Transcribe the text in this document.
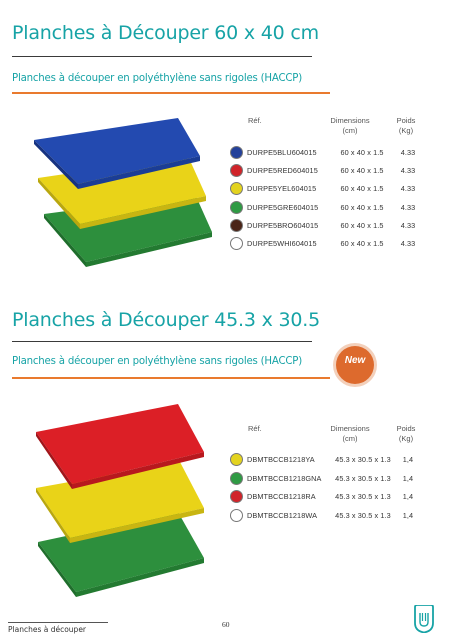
Planches à Découper 60 x 40 cm
Planches à découper en polyéthylène sans rigoles (HACCP)
Réf.	Dimensions
(cm)
Poids
(Kg)
DURPE5BLU604015	60 x 40 x 1.5	4.33
DURPE5RED604015	60 x 40 x 1.5	4.33
DURPE5YEL604015	60 x 40 x 1.5	4.33
DURPE5GRE604015	60 x 40 x 1.5	4.33
DURPE5BRO604015	60 x 40 x 1.5	4.33
DURPE5WHI604015	60 x 40 x 1.5	4.33
Planches à Découper 45.3 x 30.5
Planches à découper en polyéthylène sans rigoles (HACCP)	New
Réf.	Dimensions
(cm)
Poids
(Kg)
DBMTBCCB1218YA	45.3 x 30.5 x 1.3	1,4
DBMTBCCB1218GNA	45.3 x 30.5 x 1.3	1,4
DBMTBCCB1218RA	45.3 x 30.5 x 1.3	1,4
DBMTBCCB1218WA	45.3 x 30.5 x 1.3	1,4
Planches à découper
60
